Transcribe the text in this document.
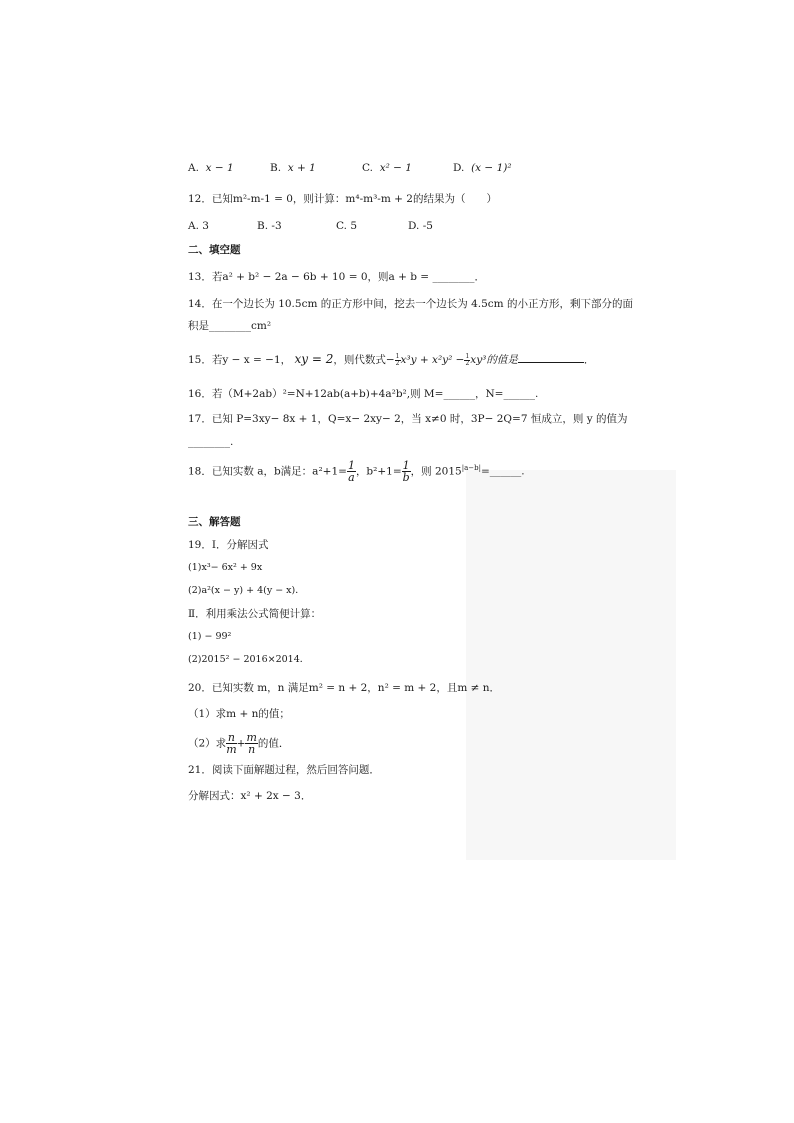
A. x − 1	B. x + 1	C. x² − 1	D. (x − 1)²
12．已知m²-m-1 = 0，则计算：m⁴-m³-m + 2的结果为（　　）
A. 3	B. -3	C. 5	D. -5
二、填空题
13．若a² + b² − 2a − 6b + 10 = 0，则a + b = ________．
14．在一个边长为 10.5cm 的正方形中间，挖去一个边长为 4.5cm 的小正方形，剩下部分的面
积是________cm²
15．若y − x = −1， xy = 2，则代数式− $\frac{1}{2} x^3y + x^2y^2 - \frac{1}{2} xy^3$的值是	．
16．若（M+2ab）²=N+12ab(a+b)+4a²b²,则 M=______，N=______.
17．已知 P=3xy− 8x + 1，Q=x− 2xy− 2，当 x≠0 时，3P− 2Q=7 恒成立，则 y 的值为
________.
18．已知实数 a，b满足：$a^2+1= \frac{1}{a}$ ，$b^2+1= \frac{1}{b}$ ，则 $2015^{|a-b|}=\_\_\_\_\_\_$.
三、解答题
19．Ⅰ．分解因式
(1)x³− 6x² + 9x
(2)a²(x − y) + 4(y − x)．
Ⅱ．利用乘法公式简便计算：
(1) − 99²
(2)2015² − 2016×2014．
20．已知实数 m，n 满足m² = n + 2，n² = m + 2，且m ≠ n．
（1）求m + n的值；
（2）求 $\frac{n}{m} + \frac{m}{n}$ 的值．
21．阅读下面解题过程，然后回答问题．
分解因式：x² + 2x − 3．
